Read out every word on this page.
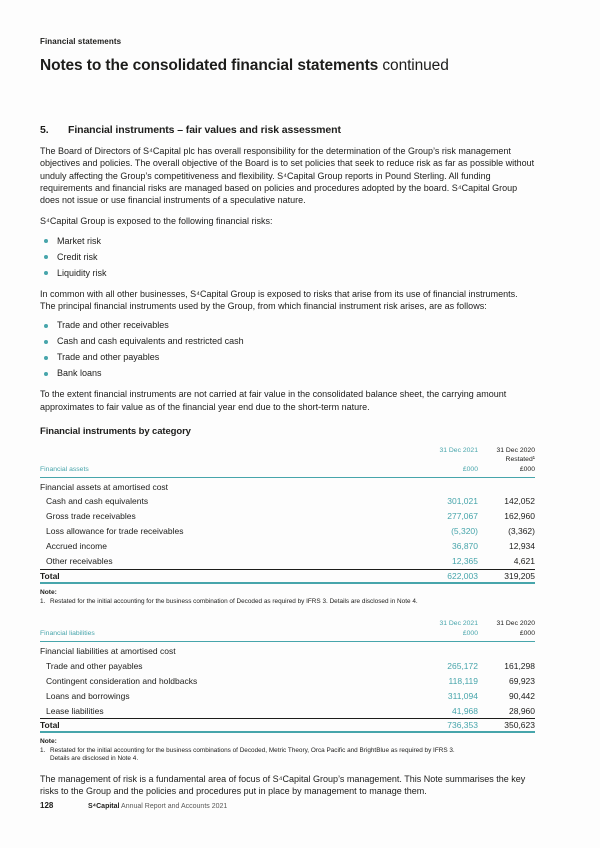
Financial statements
Notes to the consolidated financial statements continued
5.	Financial instruments – fair values and risk assessment

The Board of Directors of S⁴Capital plc has overall responsibility for the determination of the Group’s risk management objectives and policies. The overall objective of the Board is to set policies that seek to reduce risk as far as possible without unduly affecting the Group’s competitiveness and flexibility. S⁴Capital Group reports in Pound Sterling. All funding requirements and financial risks are managed based on policies and procedures adopted by the board. S⁴Capital Group does not issue or use financial instruments of a speculative nature.

S⁴Capital Group is exposed to the following financial risks:

Market risk
Credit risk
Liquidity risk

In common with all other businesses, S⁴Capital Group is exposed to risks that arise from its use of financial instruments. The principal financial instruments used by the Group, from which financial instrument risk arises, are as follows:

Trade and other receivables
Cash and cash equivalents and restricted cash
Trade and other payables
Bank loans

To the extent financial instruments are not carried at fair value in the consolidated balance sheet, the carrying amount approximates to fair value as of the financial year end due to the short-term nature.

Financial instruments by category
31 Dec 2021	31 Dec 2020
Restated¹
Financial assets	£000	£000
Financial assets at amortised cost
Cash and cash equivalents	301,021	142,052
Gross trade receivables	277,067	162,960
Loss allowance for trade receivables	(5,320)	(3,362)
Accrued income	36,870	12,934
Other receivables	12,365	4,621
Total	622,003	319,205
Note:
1. Restated for the initial accounting for the business combination of Decoded as required by IFRS 3. Details are disclosed in Note 4.
31 Dec 2021	31 Dec 2020
Financial liabilities	£000	£000
Financial liabilities at amortised cost
Trade and other payables	265,172	161,298
Contingent consideration and holdbacks	118,119	69,923
Loans and borrowings	311,094	90,442
Lease liabilities	41,968	28,960
Total	736,353	350,623
Note:
1. Restated for the initial accounting for the business combinations of Decoded, Metric Theory, Orca Pacific and BrightBlue as required by IFRS 3.
Details are disclosed in Note 4.

The management of risk is a fundamental area of focus of S⁴Capital Group’s management. This Note summarises the key risks to the Group and the policies and procedures put in place by management to manage them.

128	S⁴Capital Annual Report and Accounts 2021
